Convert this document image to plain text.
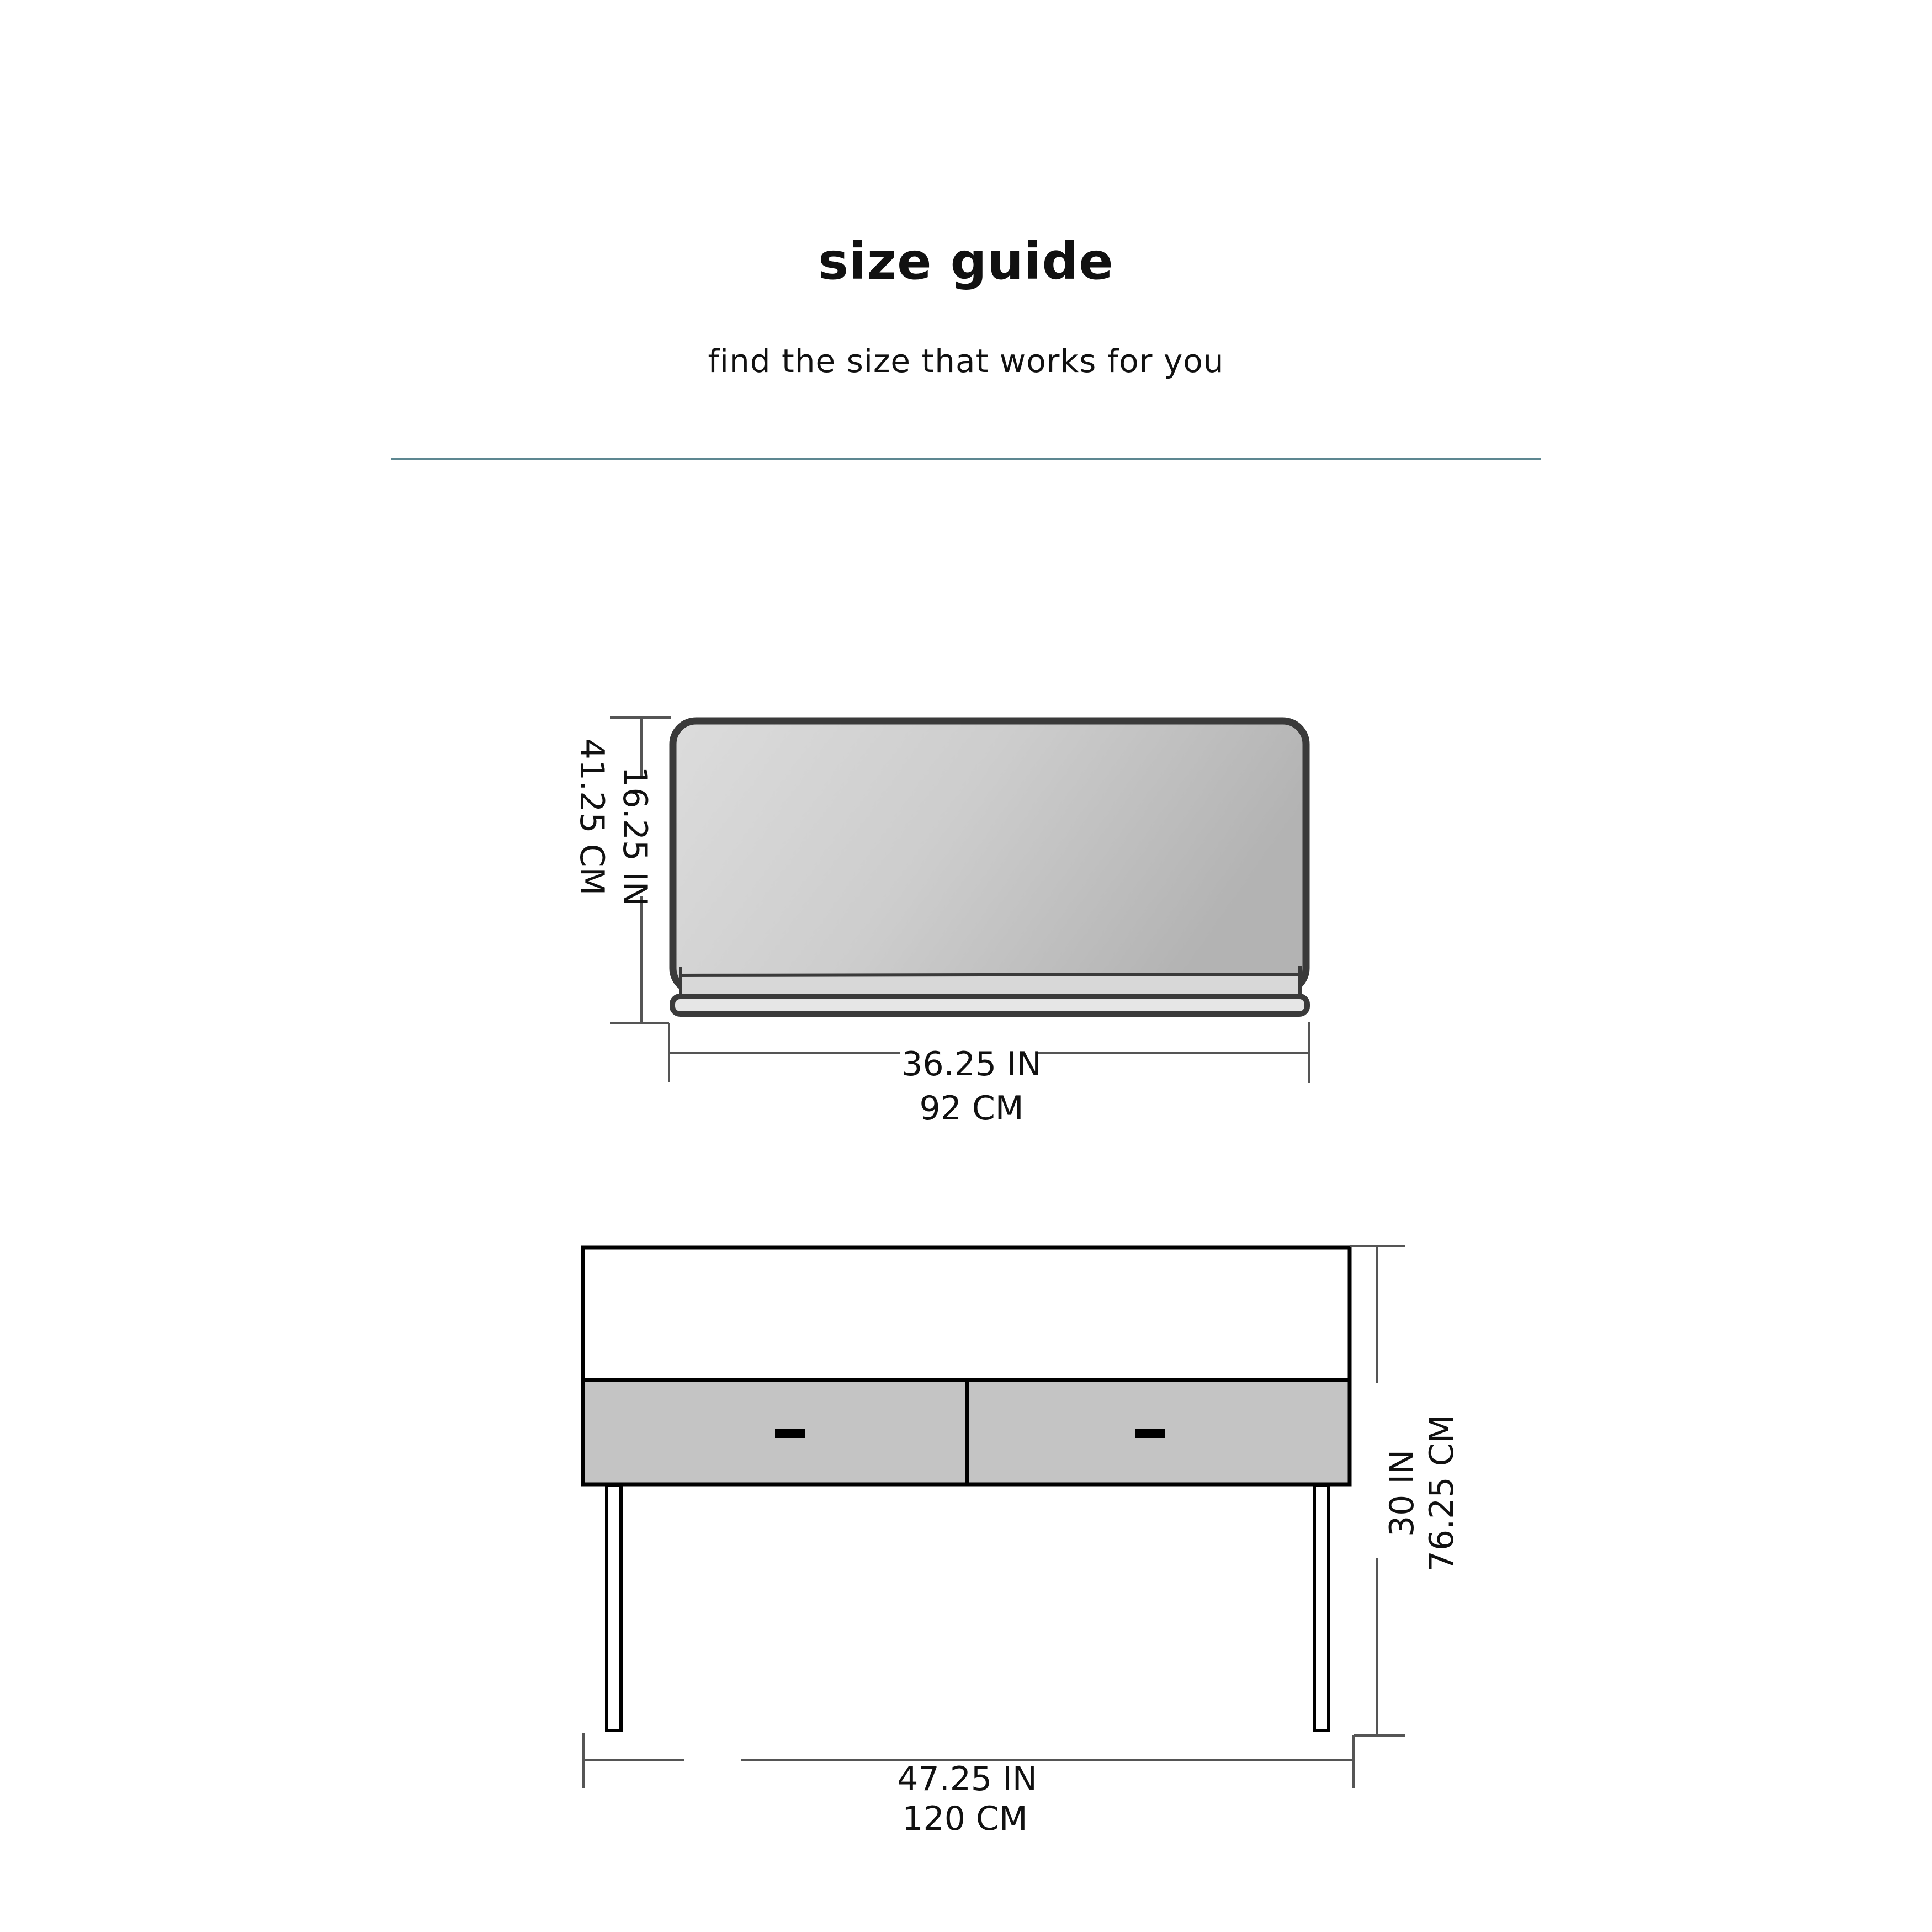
size guide
find the size that works for you
16.25 IN
41.25 CM
36.25 IN
92 CM
30 IN 76.25 CM
47.25 IN
120 CM
